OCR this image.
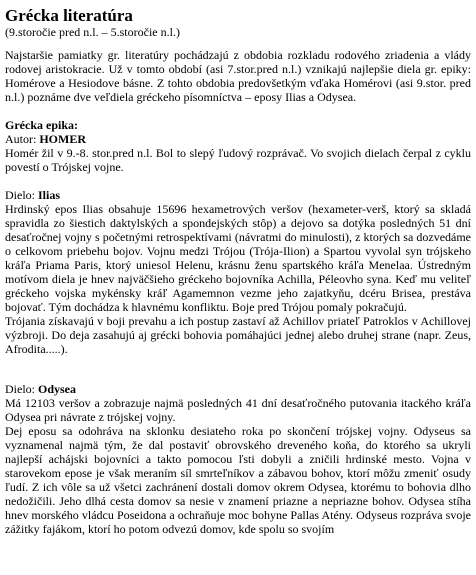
Grécka literatúra

(9.storočie pred n.l. – 5.storočie n.l.)

Najstaršie pamiatky gr. literatúry pochádzajú z obdobia rozkladu rodového zriadenia a vlády rodovej aristokracie. Už v tomto období (asi 7.stor.pred n.l.) vznikajú najlepšie diela gr. epiky: Homérove a Hesiodove básne. Z tohto obdobia predovšetkým vďaka Homérovi (asi 9.stor. pred n.l.) poznáme dve veľdiela gréckeho písomníctva – eposy Ilias a Odysea.

Grécka epika:

Autor: HOMER

Homér žil v 9.-8. stor.pred n.l. Bol to slepý ľudový rozprávač. Vo svojich dielach čerpal z cyklu povestí o Trójskej vojne.

Dielo: Ilias

Hrdinský epos Ilias obsahuje 15696 hexametrových veršov (hexameter-verš, ktorý sa skladá spravidla zo šiestich daktylských a spondejských stôp) a dejovo sa dotýka posledných 51 dní desaťročnej vojny s početnými retrospektívami (návratmi do minulosti), z ktorých sa dozvedáme o celkovom priebehu bojov. Vojnu medzi Trójou (Trója-Ilion) a Spartou vyvolal syn trójskeho kráľa Priama Paris, ktorý uniesol Helenu, krásnu ženu spartského kráľa Menelaa. Ústredným motívom diela je hnev najväčšieho gréckeho bojovníka Achilla, Péleovho syna. Keď mu veliteľ gréckeho vojska mykénsky kráľ Agamemnon vezme jeho zajatkyňu, dcéru Brisea, prestáva bojovať. Tým dochádza k hlavnému konfliktu. Boje pred Trójou pomaly pokračujú.

Trójania získavajú v boji prevahu a ich postup zastaví až Achillov priateľ Patroklos v Achillovej výzbroji. Do deja zasahujú aj grécki bohovia pomáhajúci jednej alebo druhej strane (napr. Zeus, Afrodita.....).

Dielo: Odysea

Má 12103 veršov a zobrazuje najmä posledných 41 dní desaťročného putovania itackého kráľa Odysea pri návrate z trójskej vojny.

Dej eposu sa odohráva na sklonku desiateho roka po skončení trójskej vojny. Odyseus sa vyznamenal najmä tým, že dal postaviť obrovského dreveného koňa, do ktorého sa ukryli najlepší achájski bojovníci a takto pomocou ľsti dobyli a zničili hrdinské mesto. Vojna v starovekom epose je však meraním síl smrteľníkov a zábavou bohov, ktorí môžu zmeniť osudy ľudí. Z ich vôle sa už všetci zachránení dostali domov okrem Odysea, ktorému to bohovia dlho nedožičili. Jeho dlhá cesta domov sa nesie v znamení priazne a nepriazne bohov. Odysea stíha hnev morského vládcu Poseidona a ochraňuje moc bohyne Pallas Atény. Odyseus rozpráva svoje zážitky fajákom, ktorí ho potom odvezú domov, kde spolu so svojím
